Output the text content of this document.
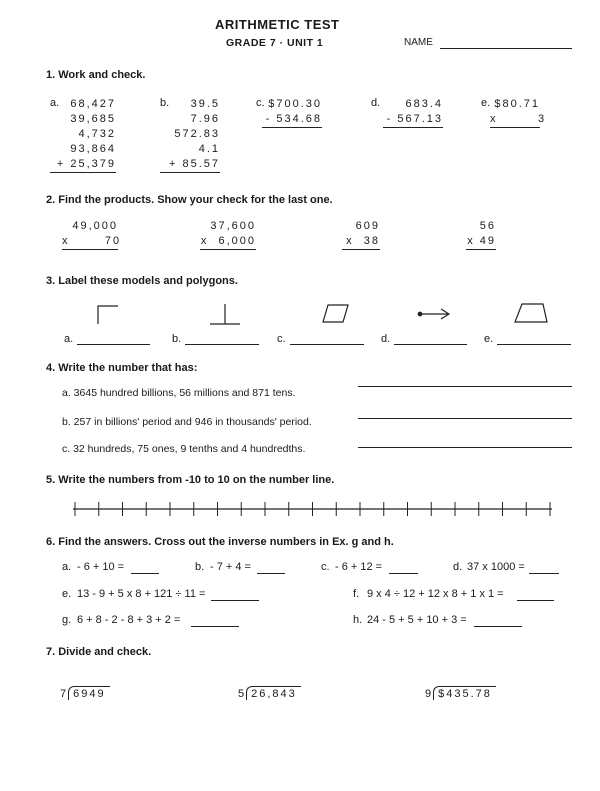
ARITHMETIC TEST
GRADE 7 · UNIT 1	NAME
1. Work and check.
a.	68,427
39,685
4,732
93,864
+ 25,379
b.	39.5
7.96
572.83
4.1
+ 85.57
c. $700.30
- 534.68
d.	683.4
- 567.13
e. $80.71
x        3
2. Find the products. Show your check for the last one.
49,000
x       70
37,600
x  6,000
609
x  38
56
x 49
3. Label these models and polygons.
a.	b.	c.	d.	e.
4. Write the number that has:
a. 3645 hundred billions, 56 millions and 871 tens.
b. 257 in billions' period and 946 in thousands' period.
c. 32 hundreds, 75 ones, 9 tenths and 4 hundredths.
5. Write the numbers from -10 to 10 on the number line.
6. Find the answers. Cross out the inverse numbers in Ex. g and h.
a. - 6 + 10 =	b. - 7 + 4 =	c. - 6 + 12 =	d. 37 x 1000 =
e. 13 - 9 + 5 x 8 + 121 ÷ 11 =	f. 9 x 4 ÷ 12 + 12 x 8 + 1 x 1 =
g. 6 + 8 - 2 - 8 + 3 + 2 =	h. 24 - 5 + 5 + 10 + 3 =
7. Divide and check.
7 6949	5 26,843	9 $435.78
